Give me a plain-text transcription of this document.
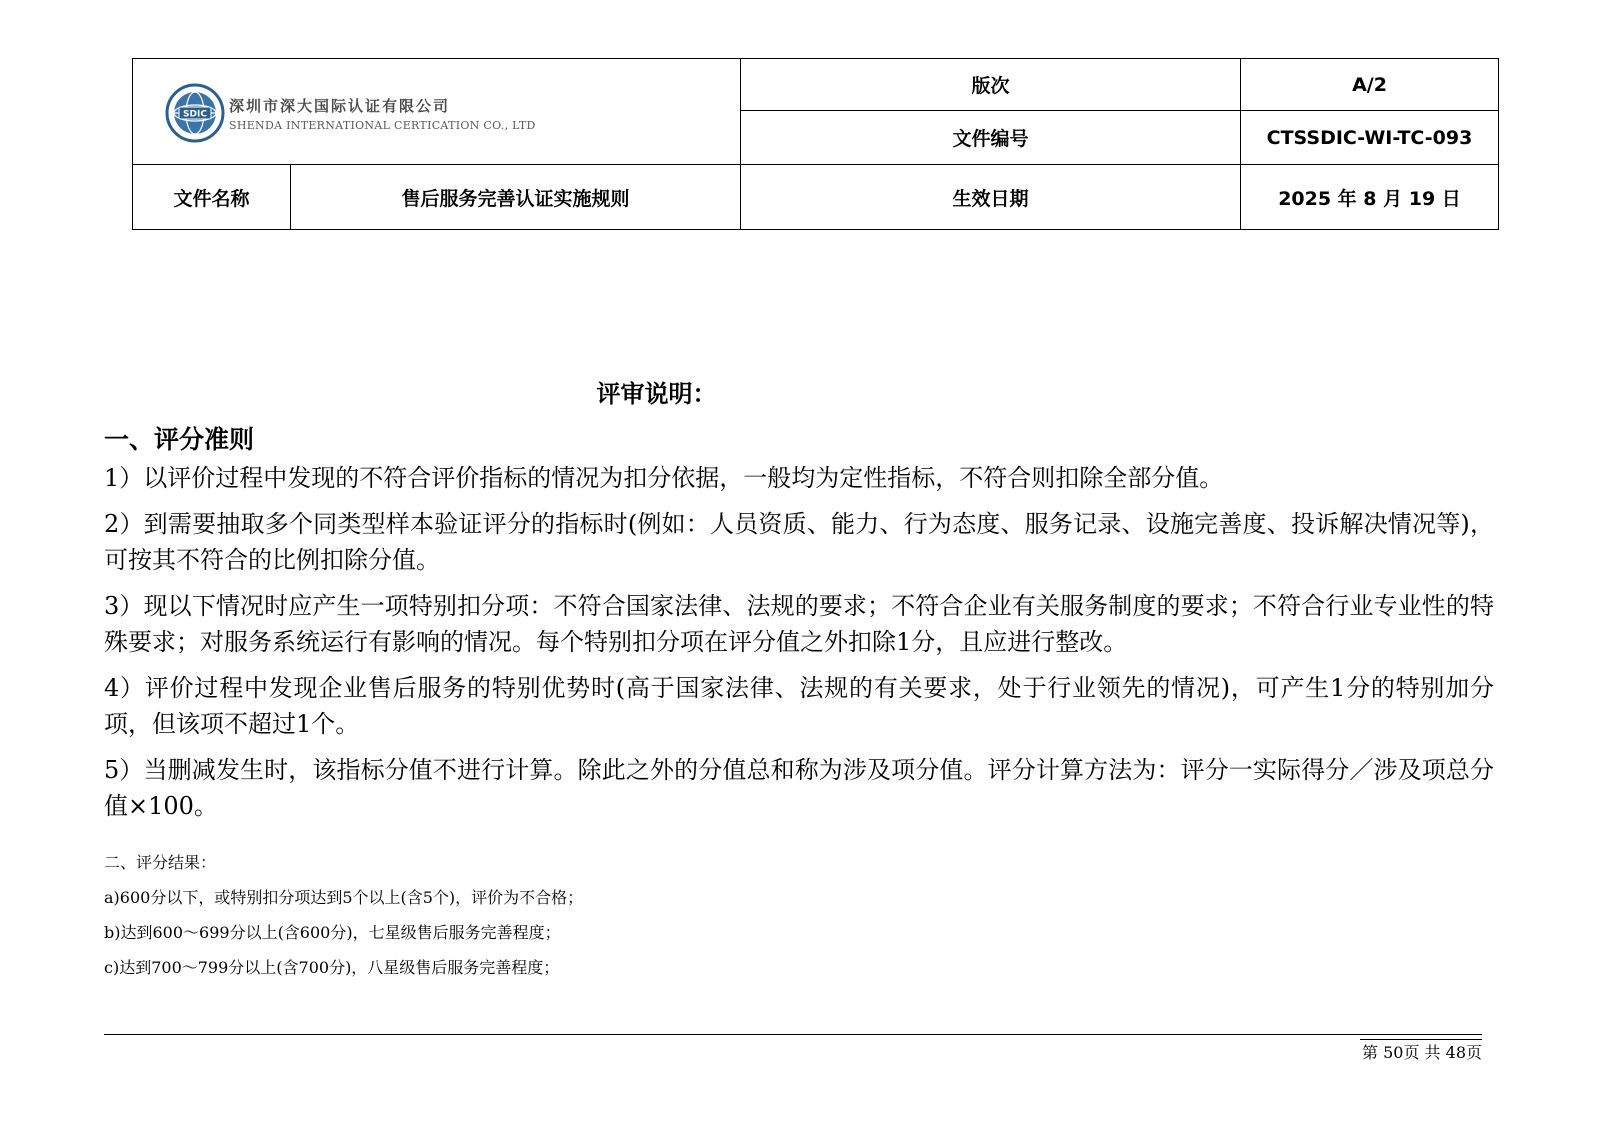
SDIC 深圳市深大国际认证有限公司
SHENDA INTERNATIONAL CERTICATION CO., LTD		版次	A/2
		文件编号	CTSSDIC-WI-TC-093
文件名称	售后服务完善认证实施规则	生效日期	2025 年 8 月 19 日
评审说明：
一、评分准则

1）以评价过程中发现的不符合评价指标的情况为扣分依据，一般均为定性指标，不符合则扣除全部分值。

2）到需要抽取多个同类型样本验证评分的指标时(例如：人员资质、能力、行为态度、服务记录、设施完善度、投诉解决情况等)，可按其不符合的比例扣除分值。

3）现以下情况时应产生一项特别扣分项：不符合国家法律、法规的要求；不符合企业有关服务制度的要求；不符合行业专业性的特殊要求；对服务系统运行有影响的情况。每个特别扣分项在评分值之外扣除1分，且应进行整改。

4）评价过程中发现企业售后服务的特别优势时(高于国家法律、法规的有关要求，处于行业领先的情况)，可产生1分的特别加分项，但该项不超过1个。

5）当删减发生时，该指标分值不进行计算。除此之外的分值总和称为涉及项分值。评分计算方法为：评分一实际得分／涉及项总分值×100。

二、评分结果：

a)600分以下，或特别扣分项达到5个以上(含5个)，评价为不合格；

b)达到600～699分以上(含600分)，七星级售后服务完善程度；

c)达到700～799分以上(含700分)，八星级售后服务完善程度；

第 50页 共 48页
